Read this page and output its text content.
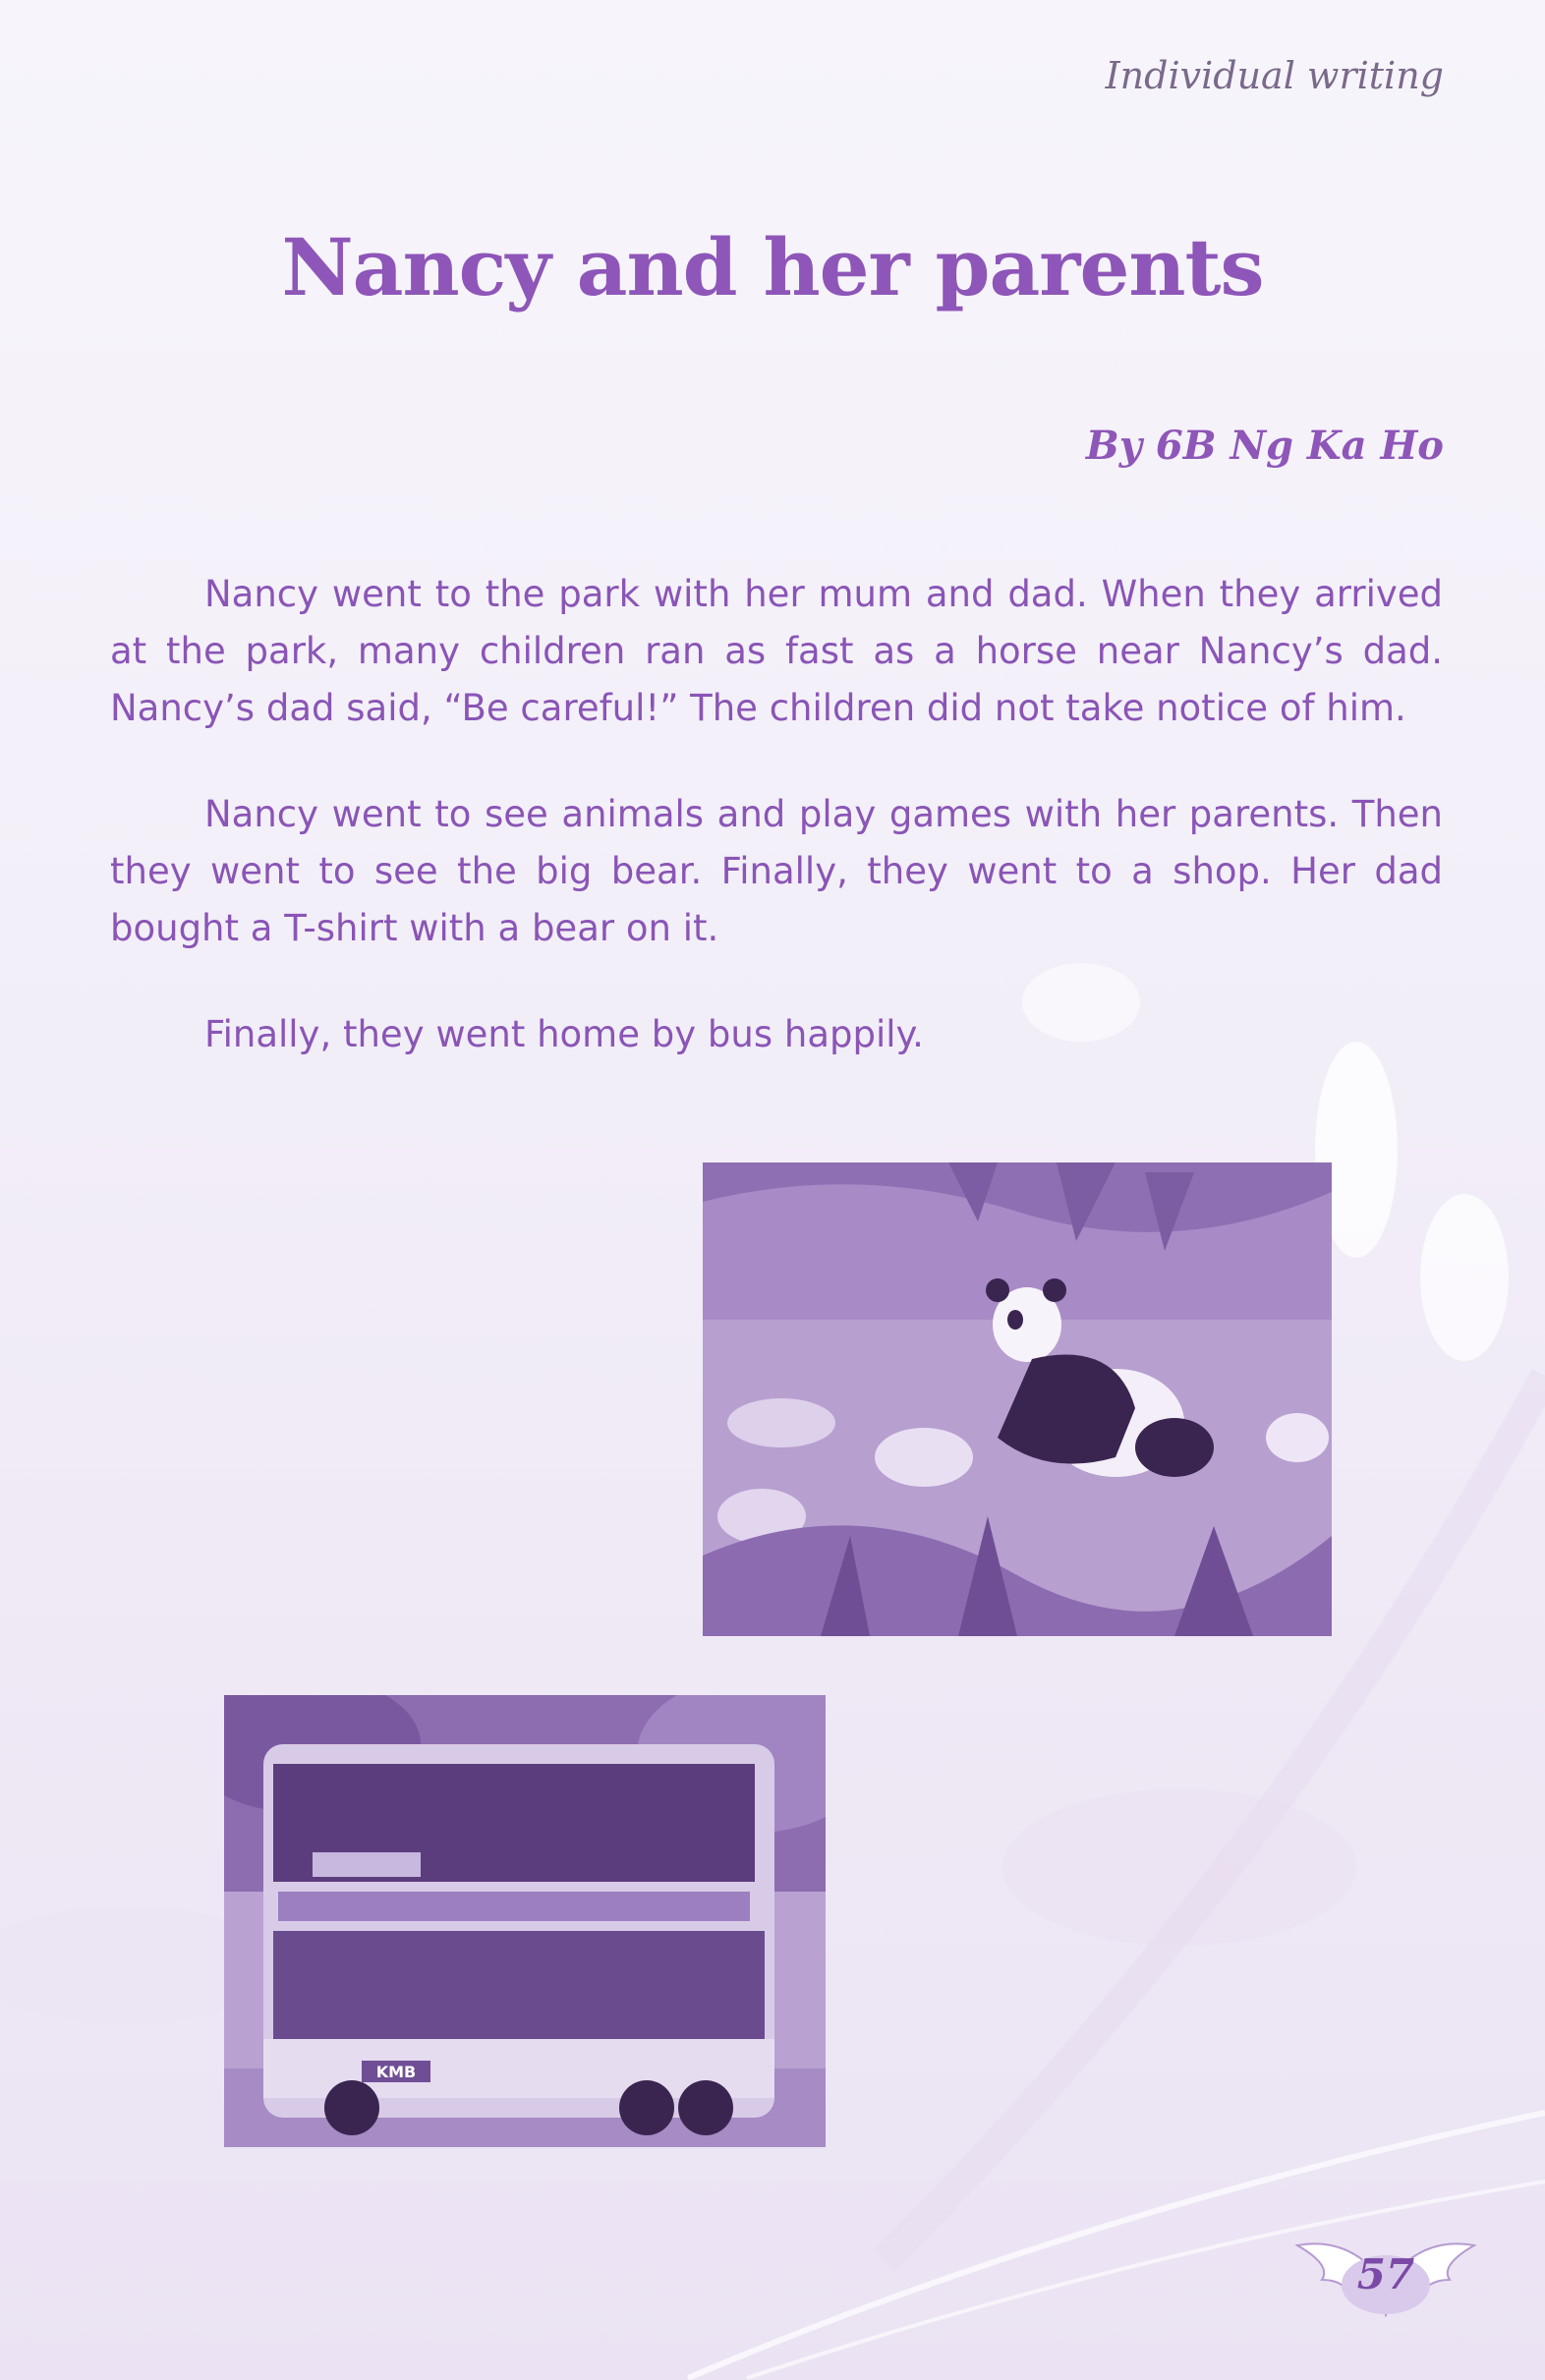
Individual writing
Nancy and her parents
By 6B Ng Ka Ho

Nancy went to the park with her mum and dad. When they arrived at the park, many children ran as fast as a horse near Nancy’s dad. Nancy’s dad said, “Be careful!” The children did not take notice of him.

Nancy went to see animals and play games with her parents. Then they went to see the big bear. Finally, they went to a shop. Her dad bought a T-shirt with a bear on it.

Finally, they went home by bus happily.

KMB
57
